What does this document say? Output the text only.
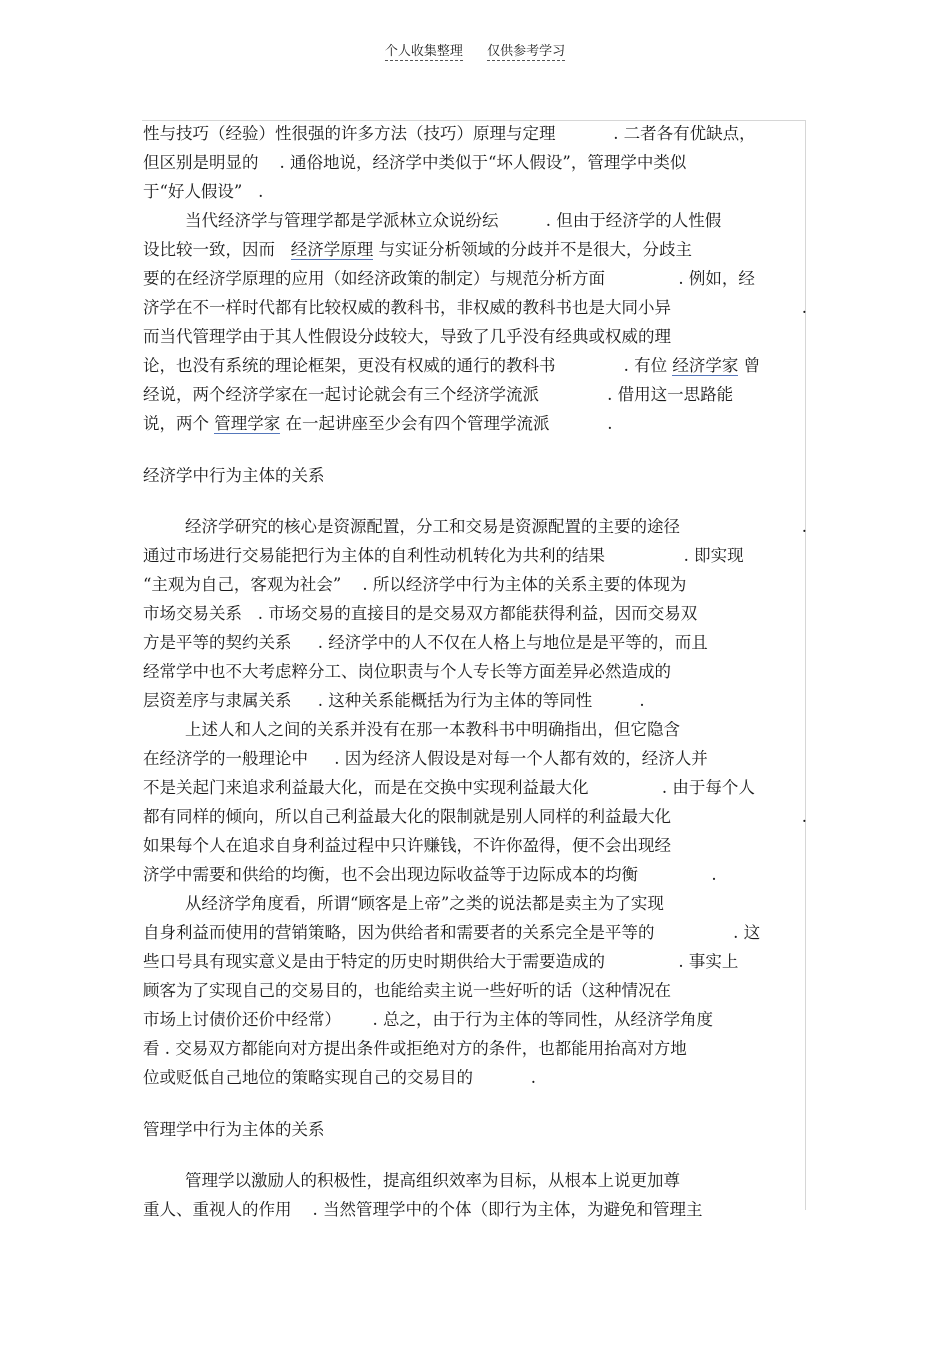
个人收集整理 仅供参考学习
性与技巧（经验）性很强的许多方法（技巧）原理与定理           . 二者各有优缺点，
但区别是明显的    . 通俗地说，经济学中类似于“坏人假设”，管理学中类似
于“好人假设”   .
当代经济学与管理学都是学派林立众说纷纭         . 但由于经济学的人性假
设比较一致，因而   经济学原理 与实证分析领域的分歧并不是很大，分歧主
要的在经济学原理的应用（如经济政策的制定）与规范分析方面              . 例如，经
济学在不一样时代都有比较权威的教科书，非权威的教科书也是大同小异	.
而当代管理学由于其人性假设分歧较大，导致了几乎没有经典或权威的理
论，也没有系统的理论框架，更没有权威的通行的教科书             . 有位 经济学家 曾
经说，两个经济学家在一起讨论就会有三个经济学流派             . 借用这一思路能
说，两个 管理学家 在一起讲座至少会有四个管理学流派           .
经济学中行为主体的关系
经济学研究的核心是资源配置，分工和交易是资源配置的主要的途径	.
通过市场进行交易能把行为主体的自利性动机转化为共利的结果               . 即实现
“主观为自己，客观为社会”    . 所以经济学中行为主体的关系主要的体现为
市场交易关系   . 市场交易的直接目的是交易双方都能获得利益，因而交易双
方是平等的契约关系     . 经济学中的人不仅在人格上与地位是是平等的，而且
经常学中也不大考虑粹分工、岗位职责与个人专长等方面差异必然造成的
层资差序与隶属关系     . 这种关系能概括为行为主体的等同性         .
上述人和人之间的关系并没有在那一本教科书中明确指出，但它隐含
在经济学的一般理论中     . 因为经济人假设是对每一个人都有效的，经济人并
不是关起门来追求利益最大化，而是在交换中实现利益最大化              . 由于每个人
都有同样的倾向，所以自己利益最大化的限制就是别人同样的利益最大化	.
如果每个人在追求自身利益过程中只许赚钱，不许你盈得，便不会出现经
济学中需要和供给的均衡，也不会出现边际收益等于边际成本的均衡              .
从经济学角度看，所谓“顾客是上帝”之类的说法都是卖主为了实现
自身利益而使用的营销策略，因为供给者和需要者的关系完全是平等的               . 这
些口号具有现实意义是由于特定的历史时期供给大于需要造成的              . 事实上
顾客为了实现自己的交易目的，也能给卖主说一些好听的话（这种情况在
市场上讨债价还价中经常）      . 总之，由于行为主体的等同性，从经济学角度
看 . 交易双方都能向对方提出条件或拒绝对方的条件，也都能用抬高对方地
位或贬低自己地位的策略实现自己的交易目的           .
管理学中行为主体的关系
管理学以激励人的积极性，提高组织效率为目标，从根本上说更加尊
重人、重视人的作用    . 当然管理学中的个体（即行为主体，为避免和管理主
